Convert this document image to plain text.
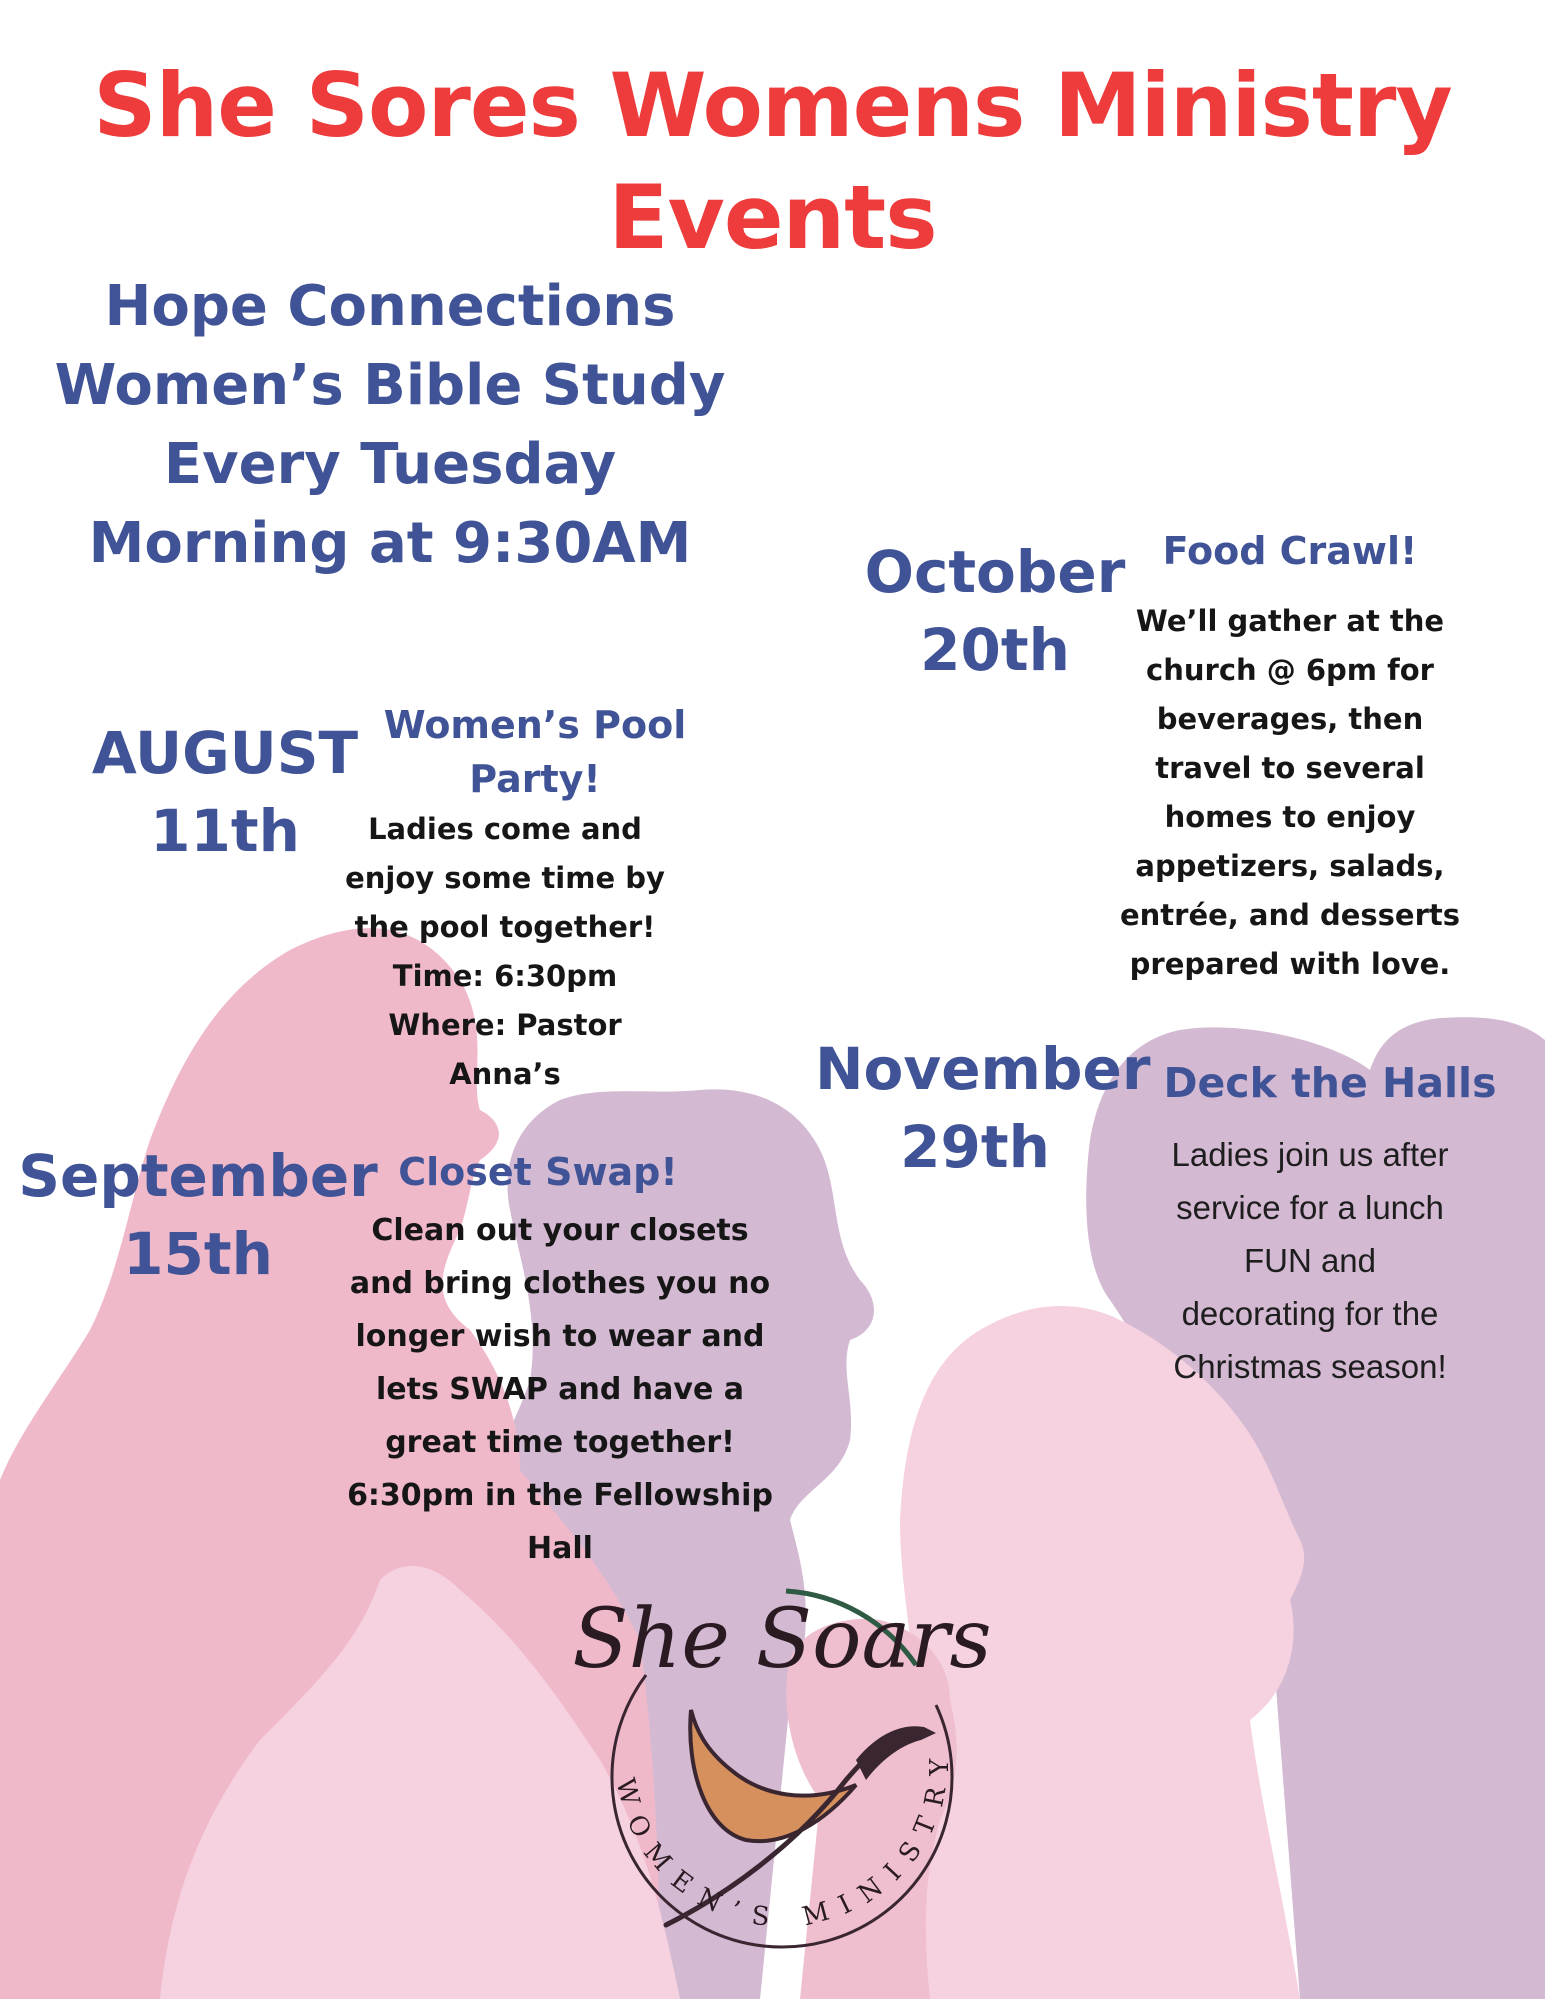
She Sores Womens Ministry
Events
Hope Connections
Women’s Bible Study
Every Tuesday
Morning at 9:30AM
AUGUST
11th
Women’s Pool
Party!
Ladies come and
enjoy some time by
the pool together!
Time: 6:30pm
Where: Pastor
Anna’s
September
15th
Closet Swap!
Clean out your closets
and bring clothes you no
longer wish to wear and
lets SWAP and have a
great time together!
6:30pm in the Fellowship
Hall
October
20th
Food Crawl!
We’ll gather at the
church @ 6pm for
beverages, then
travel to several
homes to enjoy
appetizers, salads,
entrée, and desserts
prepared with love.
November
29th
Deck the Halls
Ladies join us after
service for a lunch
FUN and
decorating for the
Christmas season!
She Soars
WOMEN’S MINISTRY
